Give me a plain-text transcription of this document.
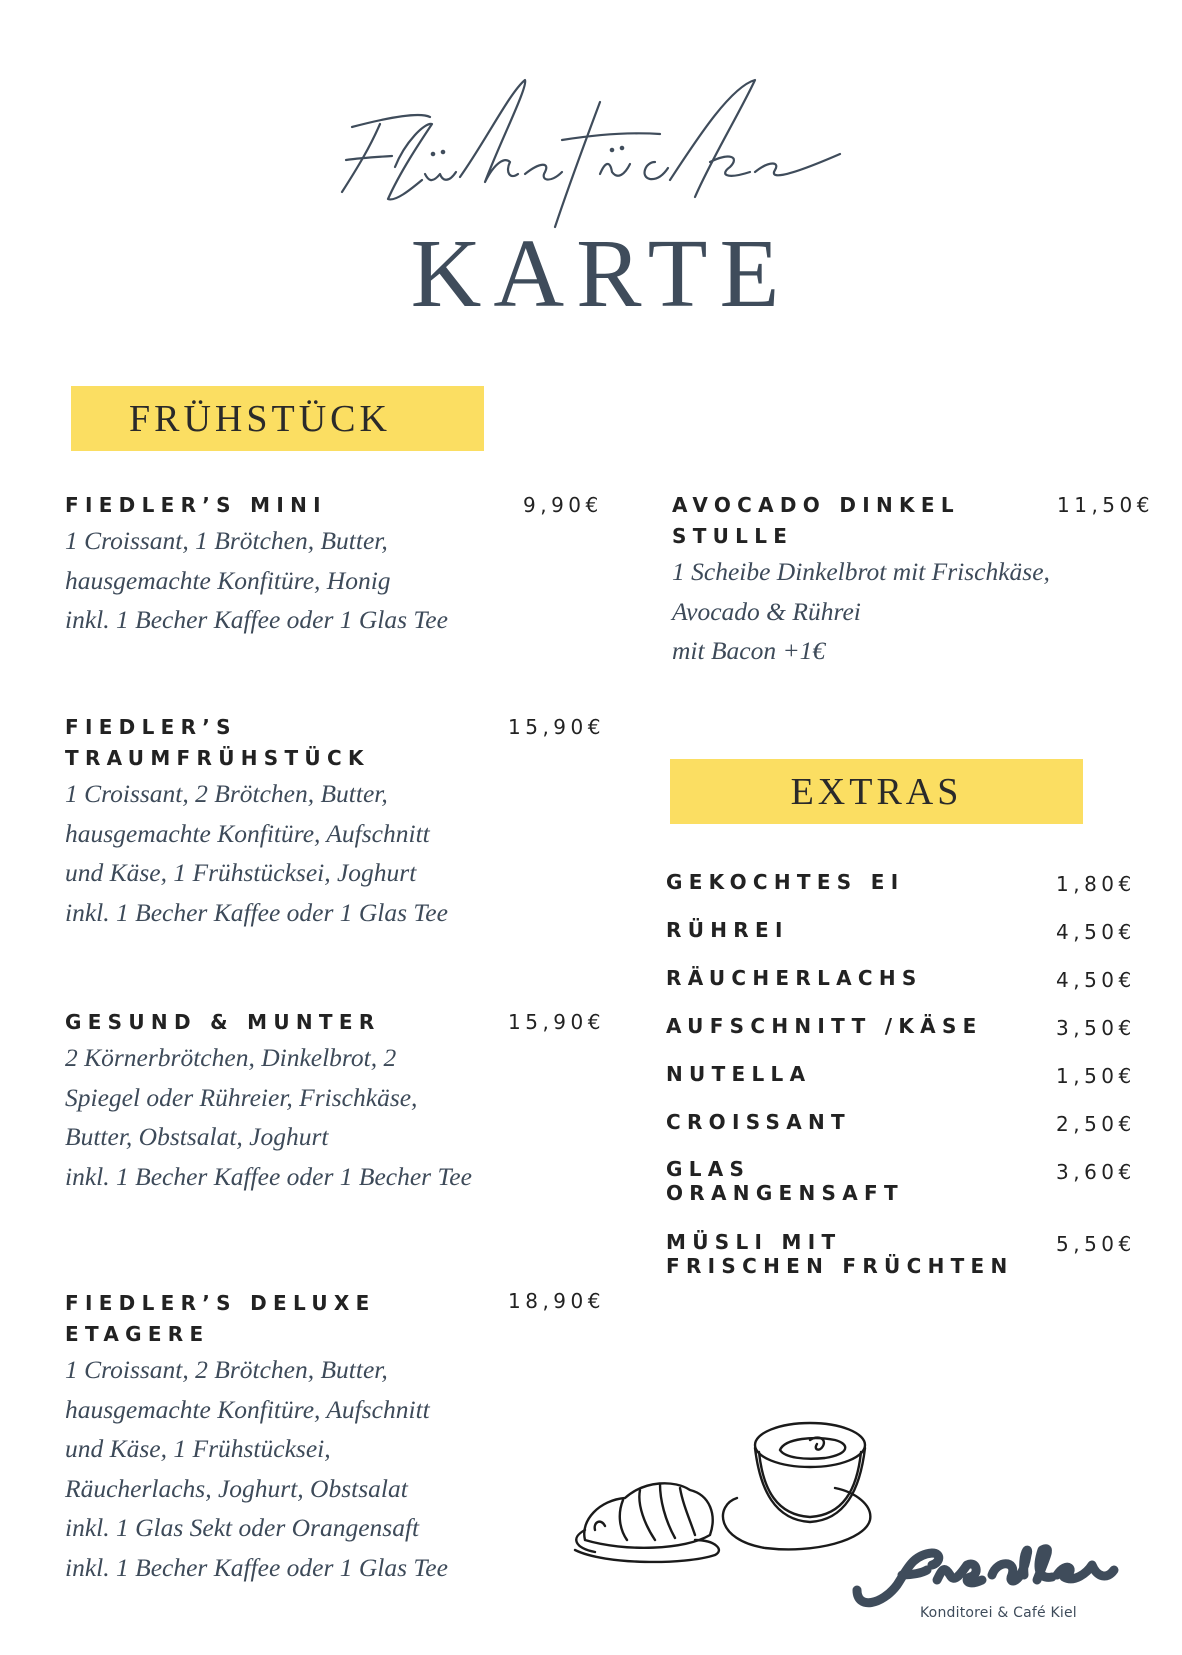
KARTE
FRÜHSTÜCK
FIEDLER’S MINI	9,90€
1 Croissant, 1 Brötchen, Butter,
hausgemachte Konfitüre, Honig
inkl. 1 Becher Kaffee oder 1 Glas Tee
FIEDLER’S
TRAUMFRÜHSTÜCK
15,90€
1 Croissant, 2 Brötchen, Butter,
hausgemachte Konfitüre, Aufschnitt
und Käse, 1 Frühstücksei, Joghurt
inkl. 1 Becher Kaffee oder 1 Glas Tee
GESUND & MUNTER	15,90€
2 Körnerbrötchen, Dinkelbrot, 2
Spiegel oder Rühreier, Frischkäse,
Butter, Obstsalat, Joghurt
inkl. 1 Becher Kaffee oder 1 Becher Tee
FIEDLER’S DELUXE
ETAGERE
18,90€
1 Croissant, 2 Brötchen, Butter,
hausgemachte Konfitüre, Aufschnitt
und Käse, 1 Frühstücksei,
Räucherlachs, Joghurt, Obstsalat
inkl. 1 Glas Sekt oder Orangensaft
inkl. 1 Becher Kaffee oder 1 Glas Tee
AVOCADO DINKEL
STULLE
11,50€
1 Scheibe Dinkelbrot mit Frischkäse,
Avocado & Rührei
mit Bacon +1€
EXTRAS
GEKOCHTES EI	1,80€
RÜHREI	4,50€
RÄUCHERLACHS	4,50€
AUFSCHNITT /KÄSE	3,50€
NUTELLA	1,50€
CROISSANT	2,50€
GLAS
ORANGENSAFT
3,60€
MÜSLI MIT
FRISCHEN FRÜCHTEN
5,50€
Konditorei & Café Kiel
